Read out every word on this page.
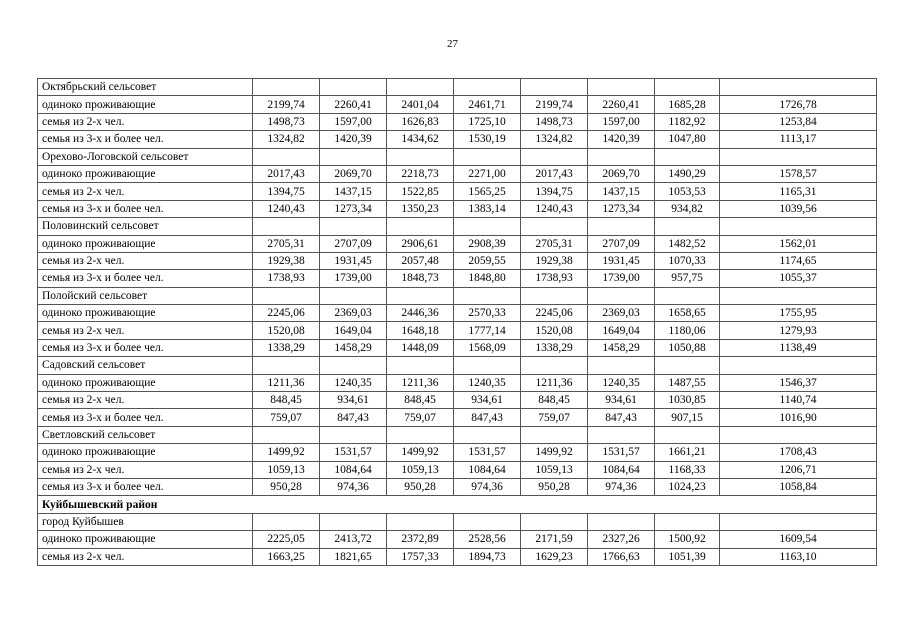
27
Октябрьский сельсовет								
одиноко проживающие	2199,74	2260,41	2401,04	2461,71	2199,74	2260,41	1685,28	1726,78
семья из 2-х чел.	1498,73	1597,00	1626,83	1725,10	1498,73	1597,00	1182,92	1253,84
семья из 3-х и более чел.	1324,82	1420,39	1434,62	1530,19	1324,82	1420,39	1047,80	1113,17
Орехово-Логовской сельсовет								
одиноко проживающие	2017,43	2069,70	2218,73	2271,00	2017,43	2069,70	1490,29	1578,57
семья из 2-х чел.	1394,75	1437,15	1522,85	1565,25	1394,75	1437,15	1053,53	1165,31
семья из 3-х и более чел.	1240,43	1273,34	1350,23	1383,14	1240,43	1273,34	934,82	1039,56
Половинский сельсовет								
одиноко проживающие	2705,31	2707,09	2906,61	2908,39	2705,31	2707,09	1482,52	1562,01
семья из 2-х чел.	1929,38	1931,45	2057,48	2059,55	1929,38	1931,45	1070,33	1174,65
семья из 3-х и более чел.	1738,93	1739,00	1848,73	1848,80	1738,93	1739,00	957,75	1055,37
Полойский сельсовет								
одиноко проживающие	2245,06	2369,03	2446,36	2570,33	2245,06	2369,03	1658,65	1755,95
семья из 2-х чел.	1520,08	1649,04	1648,18	1777,14	1520,08	1649,04	1180,06	1279,93
семья из 3-х и более чел.	1338,29	1458,29	1448,09	1568,09	1338,29	1458,29	1050,88	1138,49
Садовский сельсовет								
одиноко проживающие	1211,36	1240,35	1211,36	1240,35	1211,36	1240,35	1487,55	1546,37
семья из 2-х чел.	848,45	934,61	848,45	934,61	848,45	934,61	1030,85	1140,74
семья из 3-х и более чел.	759,07	847,43	759,07	847,43	759,07	847,43	907,15	1016,90
Светловский сельсовет								
одиноко проживающие	1499,92	1531,57	1499,92	1531,57	1499,92	1531,57	1661,21	1708,43
семья из 2-х чел.	1059,13	1084,64	1059,13	1084,64	1059,13	1084,64	1168,33	1206,71
семья из 3-х и более чел.	950,28	974,36	950,28	974,36	950,28	974,36	1024,23	1058,84
Куйбышевский район								
город Куйбышев								
одиноко проживающие	2225,05	2413,72	2372,89	2528,56	2171,59	2327,26	1500,92	1609,54
семья из 2-х чел.	1663,25	1821,65	1757,33	1894,73	1629,23	1766,63	1051,39	1163,10
